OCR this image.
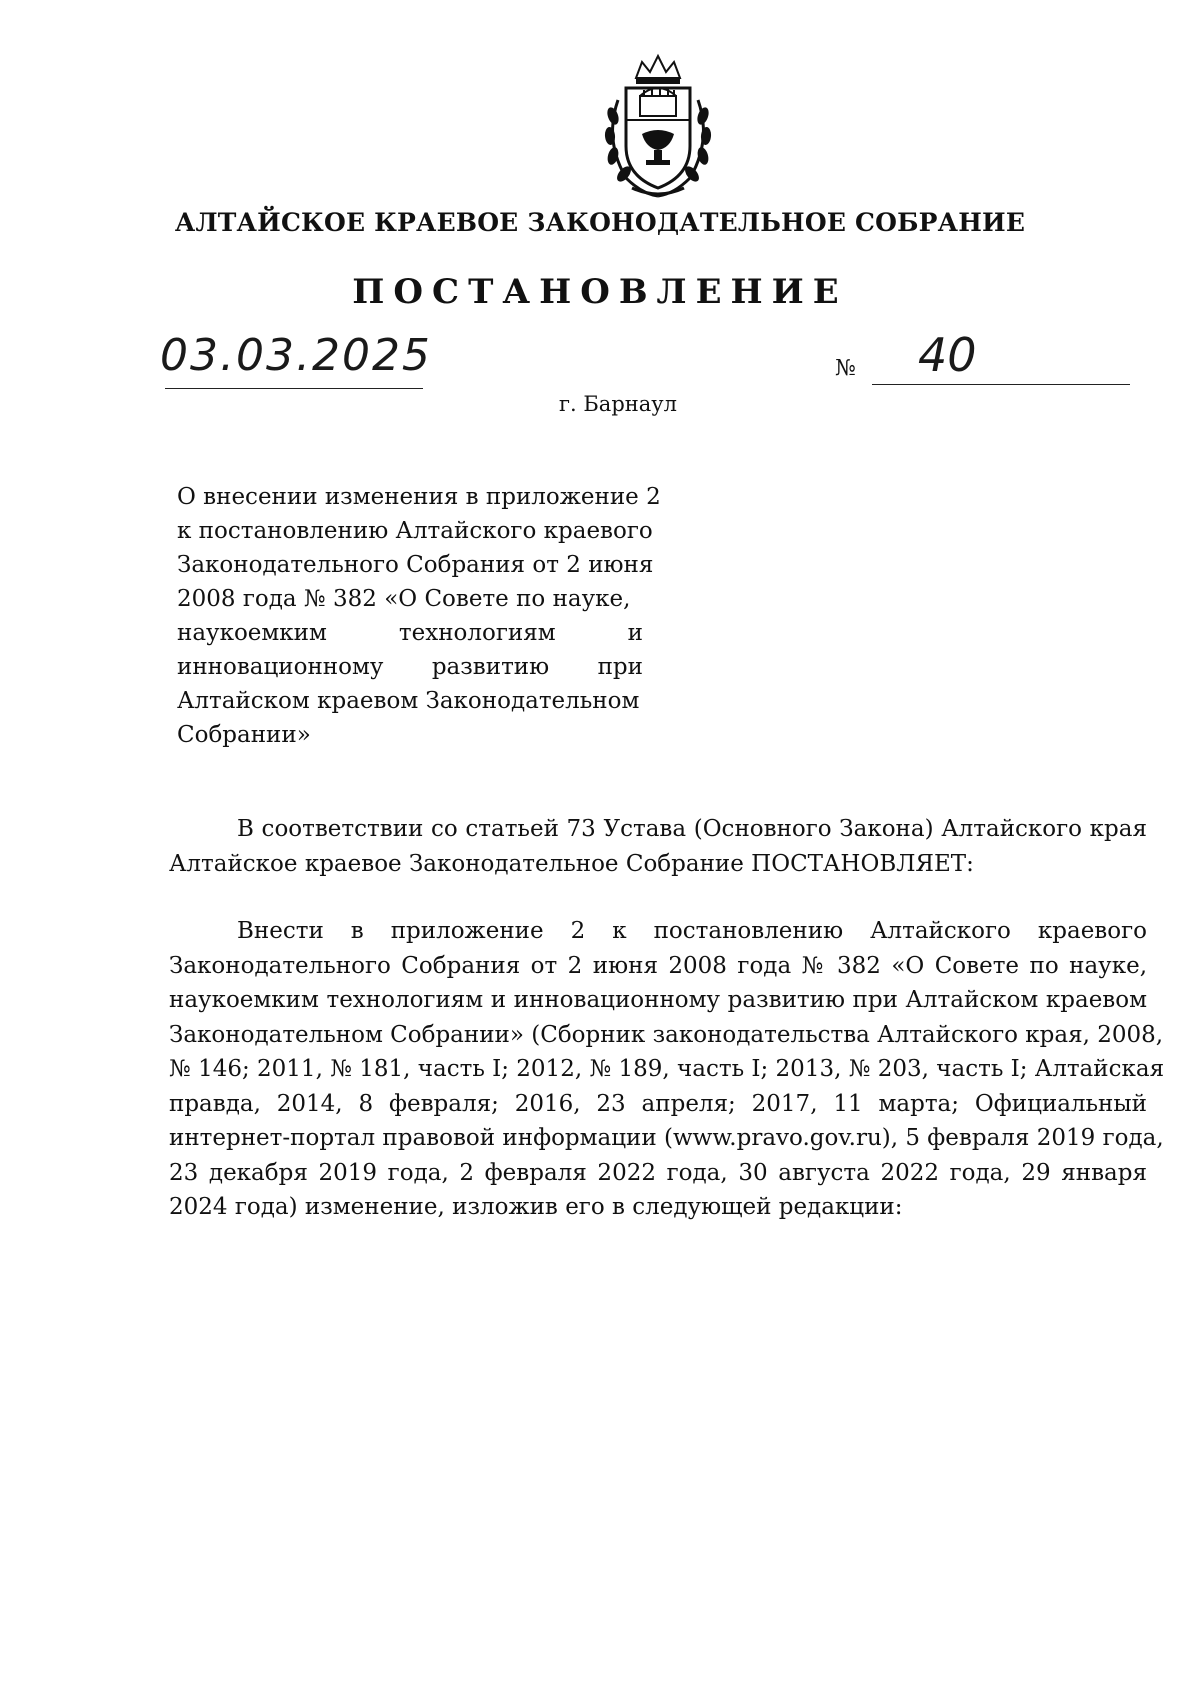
АЛТАЙСКОЕ КРАЕВОЕ ЗАКОНОДАТЕЛЬНОЕ СОБРАНИЕ
ПОСТАНОВЛЕНИЕ
03.03.2025	№ 40
г. Барнаул
О внесении изменения в приложение 2
к постановлению Алтайского краевого
Законодательного Собрания от 2 июня
2008 года № 382 «О Совете по науке,
наукоемким	технологиям	и
инновационному развитию при
Алтайском краевом Законодательном
Собрании»
В соответствии со статьей 73 Устава (Основного Закона) Алтайского края
Алтайское краевое Законодательное Собрание ПОСТАНОВЛЯЕТ:
Внести в приложение 2 к постановлению Алтайского краевого
Законодательного Собрания от 2 июня 2008 года № 382 «О Совете по науке,
наукоемким технологиям и инновационному развитию при Алтайском краевом
Законодательном Собрании» (Сборник законодательства Алтайского края, 2008,
№ 146; 2011, № 181, часть I; 2012, № 189, часть I; 2013, № 203, часть I; Алтайская
правда, 2014, 8 февраля; 2016, 23 апреля; 2017, 11 марта; Официальный
интернет-портал правовой информации (www.pravo.gov.ru), 5 февраля 2019 года,
23 декабря 2019 года, 2 февраля 2022 года, 30 августа 2022 года, 29 января
2024 года) изменение, изложив его в следующей редакции:
